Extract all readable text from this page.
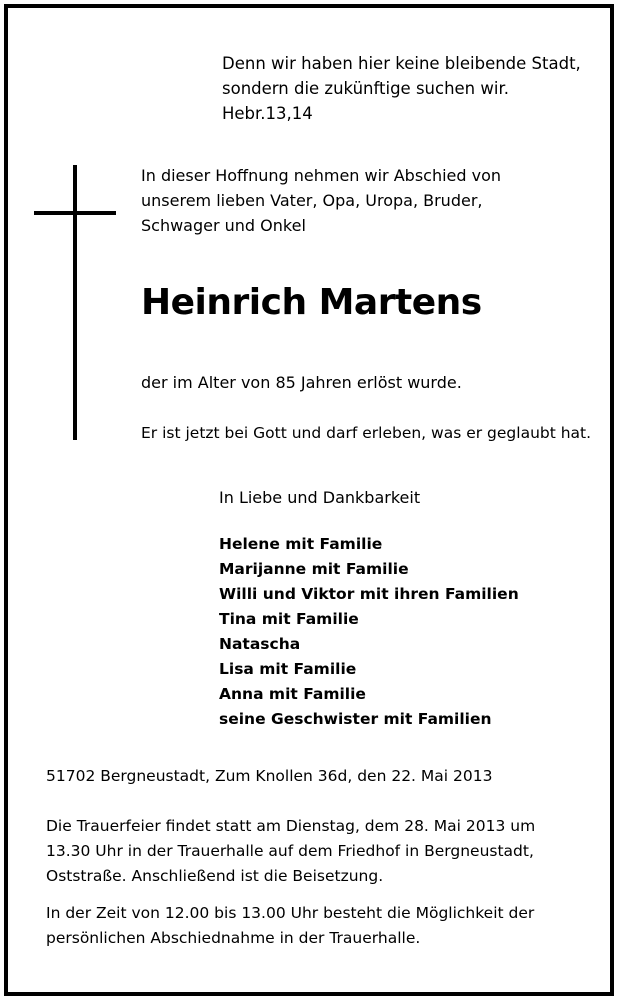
Denn wir haben hier keine bleibende Stadt,
sondern die zukünftige suchen wir.
Hebr.13,14
In dieser Hoffnung nehmen wir Abschied von
unserem lieben Vater, Opa, Uropa, Bruder,
Schwager und Onkel
Heinrich Martens
der im Alter von 85 Jahren erlöst wurde.
Er ist jetzt bei Gott und darf erleben, was er geglaubt hat.
In Liebe und Dankbarkeit
Helene mit Familie
Marijanne mit Familie
Willi und Viktor mit ihren Familien
Tina mit Familie
Natascha
Lisa mit Familie
Anna mit Familie
seine Geschwister mit Familien
51702 Bergneustadt, Zum Knollen 36d, den 22. Mai 2013
Die Trauerfeier findet statt am Dienstag, dem 28. Mai 2013 um
13.30 Uhr in der Trauerhalle auf dem Friedhof in Bergneustadt,
Oststraße. Anschließend ist die Beisetzung.
In der Zeit von 12.00 bis 13.00 Uhr besteht die Möglichkeit der
persönlichen Abschiednahme in der Trauerhalle.
